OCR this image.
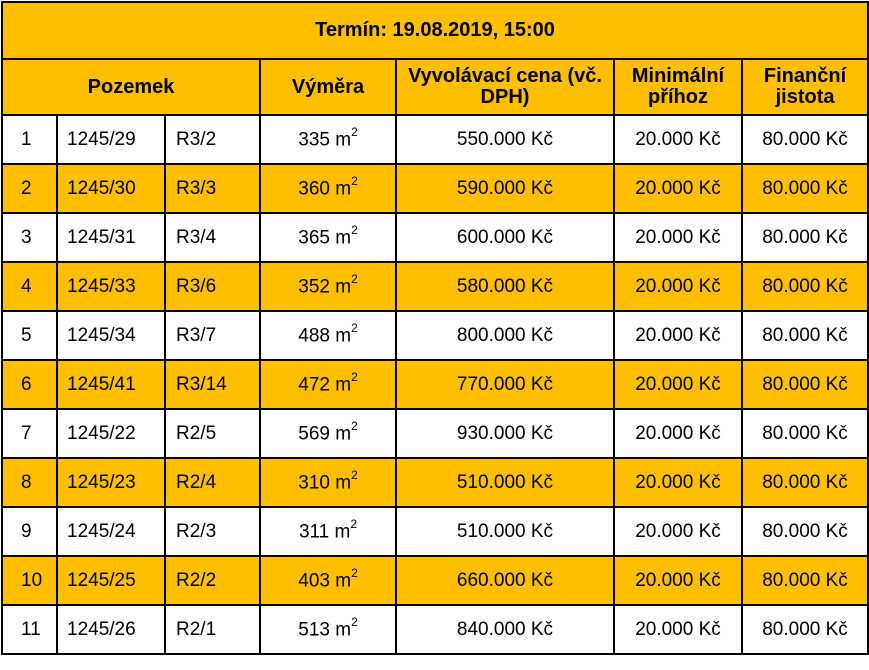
Termín: 19.08.2019, 15:00						
Pozemek			Výměra	Vyvolávací cena (vč. DPH)	Minimální příhoz	Finanční jistota
1	1245/29	R3/2	335 $m^2$	550.000 Kč	20.000 Kč	80.000 Kč
2	1245/30	R3/3	360 $m^2$	590.000 Kč	20.000 Kč	80.000 Kč
3	1245/31	R3/4	365 $m^2$	600.000 Kč	20.000 Kč	80.000 Kč
4	1245/33	R3/6	352 $m^2$	580.000 Kč	20.000 Kč	80.000 Kč
5	1245/34	R3/7	488 $m^2$	800.000 Kč	20.000 Kč	80.000 Kč
6	1245/41	R3/14	472 $m^2$	770.000 Kč	20.000 Kč	80.000 Kč
7	1245/22	R2/5	569 $m^2$	930.000 Kč	20.000 Kč	80.000 Kč
8	1245/23	R2/4	310 $m^2$	510.000 Kč	20.000 Kč	80.000 Kč
9	1245/24	R2/3	311 $m^2$	510.000 Kč	20.000 Kč	80.000 Kč
10	1245/25	R2/2	403 $m^2$	660.000 Kč	20.000 Kč	80.000 Kč
11	1245/26	R2/1	513 $m^2$	840.000 Kč	20.000 Kč	80.000 Kč
